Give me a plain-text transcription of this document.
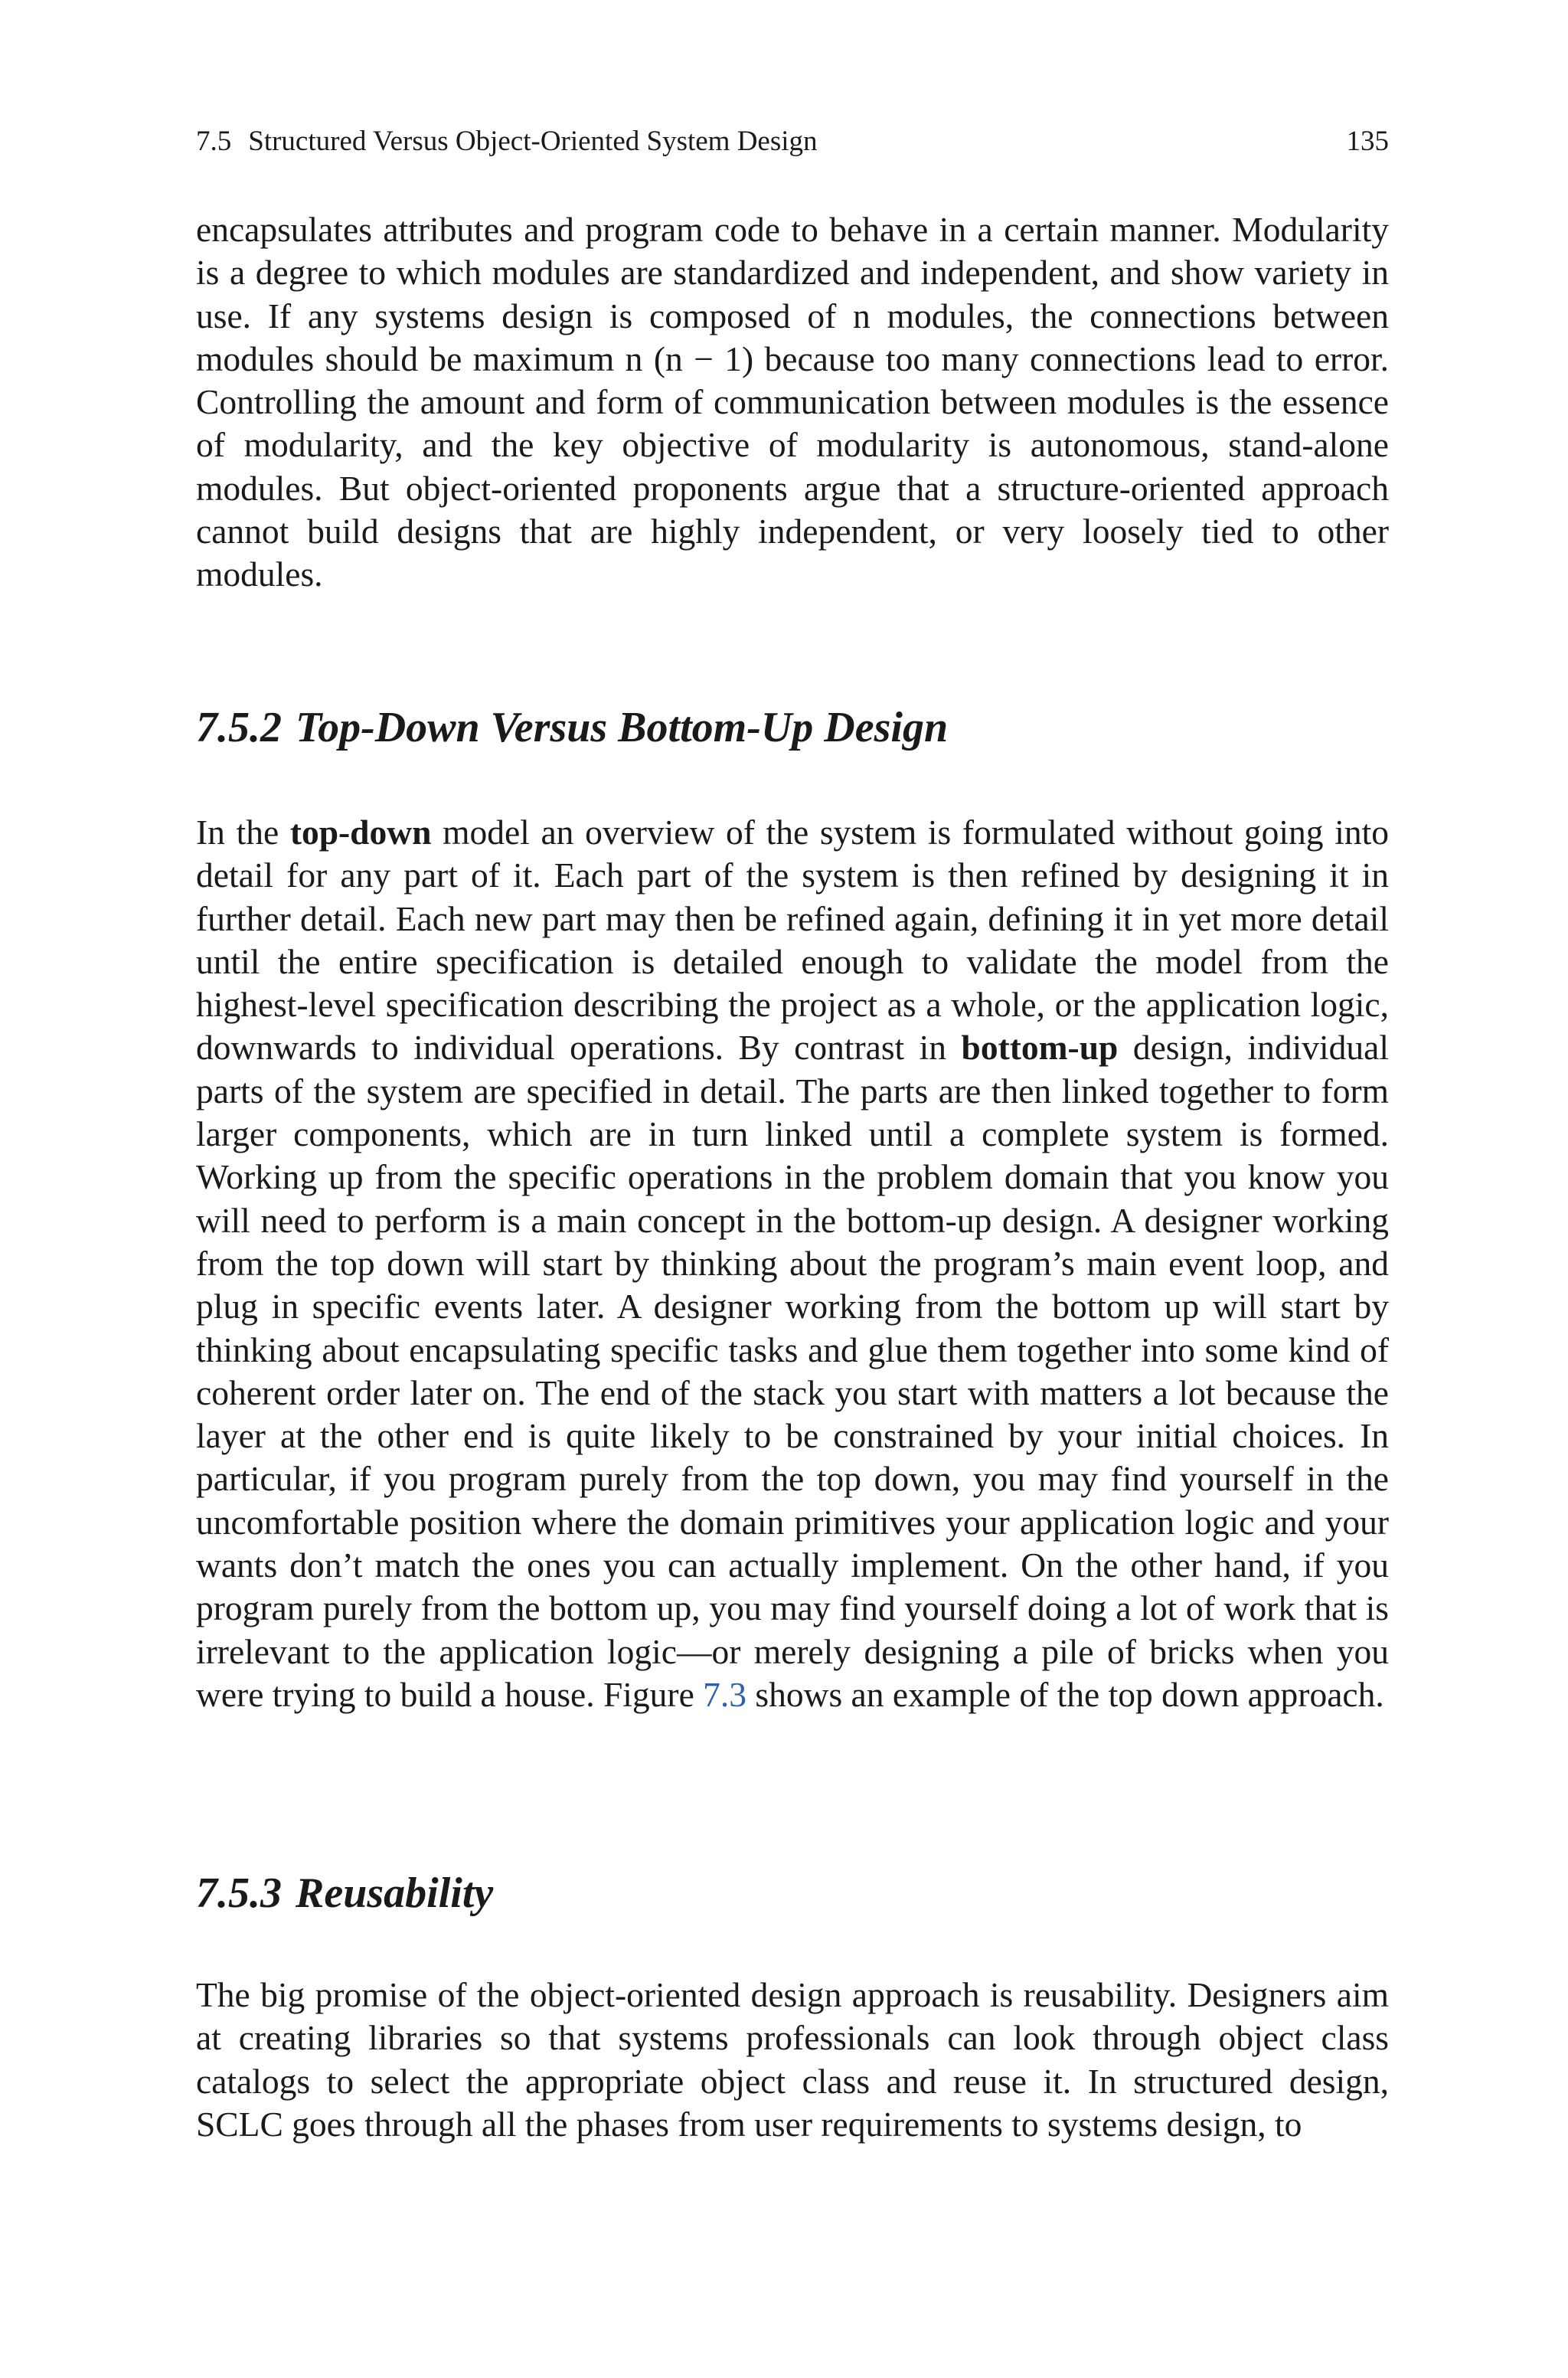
7.5 Structured Versus Object-Oriented System Design	135

encapsulates attributes and program code to behave in a certain manner. Modularity is a degree to which modules are standardized and independent, and show variety in use. If any systems design is composed of n modules, the connections between modules should be maximum n (n − 1) because too many connections lead to error. Controlling the amount and form of communication between modules is the essence of modularity, and the key objective of modularity is autonomous, stand-alone modules. But object-oriented proponents argue that a structure-oriented approach cannot build designs that are highly independent, or very loosely tied to other modules.

7.5.2 Top-Down Versus Bottom-Up Design

In the top-down model an overview of the system is formulated without going into detail for any part of it. Each part of the system is then refined by designing it in further detail. Each new part may then be refined again, defining it in yet more detail until the entire specification is detailed enough to validate the model from the highest-level specification describing the project as a whole, or the application logic, downwards to individual operations. By contrast in bottom-up design, individual parts of the system are specified in detail. The parts are then linked together to form larger components, which are in turn linked until a complete system is formed. Working up from the specific operations in the problem domain that you know you will need to perform is a main concept in the bottom-up design. A designer working from the top down will start by thinking about the program’s main event loop, and plug in specific events later. A designer working from the bottom up will start by thinking about encapsulating specific tasks and glue them together into some kind of coherent order later on. The end of the stack you start with matters a lot because the layer at the other end is quite likely to be constrained by your initial choices. In particular, if you program purely from the top down, you may find yourself in the uncomfortable position where the domain primitives your application logic and your wants don’t match the ones you can actually implement. On the other hand, if you program purely from the bottom up, you may find yourself doing a lot of work that is irrelevant to the application logic—or merely designing a pile of bricks when you were trying to build a house. Figure 7.3 shows an example of the top down approach.

7.5.3 Reusability

The big promise of the object-oriented design approach is reusability. Designers aim at creating libraries so that systems professionals can look through object class catalogs to select the appropriate object class and reuse it. In structured design, SCLC goes through all the phases from user requirements to systems design, to
